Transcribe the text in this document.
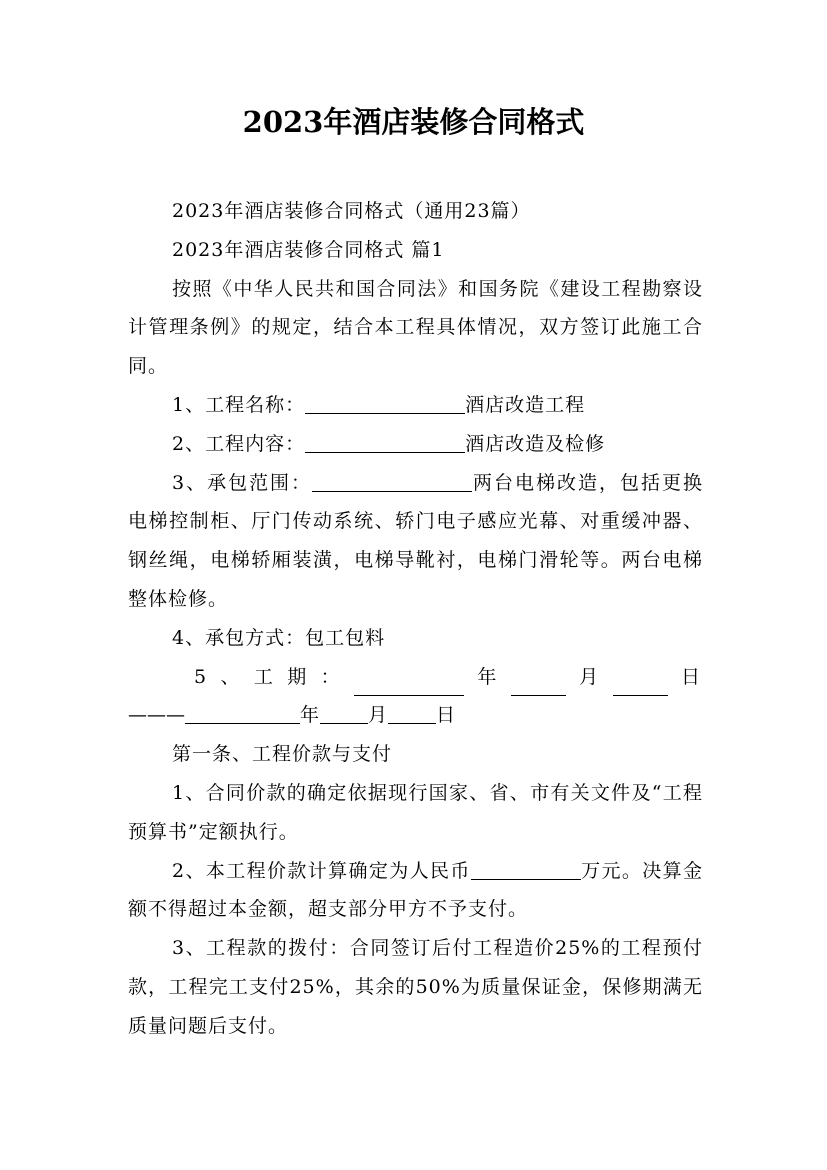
2023年酒店装修合同格式

2023年酒店装修合同格式（通用23篇）

2023年酒店装修合同格式 篇1

按照《中华人民共和国合同法》和国务院《建设工程勘察设计管理条例》的规定，结合本工程具体情况，双方签订此施工合同。

1、工程名称：	酒店改造工程

2、工程内容：	酒店改造及检修

3、承包范围：	两台电梯改造，包括更换电梯控制柜、厅门传动系统、轿门电子感应光幕、对重缓冲器、钢丝绳，电梯轿厢装潢，电梯导靴衬，电梯门滑轮等。两台电梯整体检修。

4、承包方式：包工包料

5 、 工 期 ：	年	月	日

———	年	月	日

第一条、工程价款与支付

1、合同价款的确定依据现行国家、省、市有关文件及“工程预算书”定额执行。

2、本工程价款计算确定为人民币	万元。决算金额不得超过本金额，超支部分甲方不予支付。

3、工程款的拨付：合同签订后付工程造价25%的工程预付款，工程完工支付25%，其余的50%为质量保证金，保修期满无质量问题后支付。
